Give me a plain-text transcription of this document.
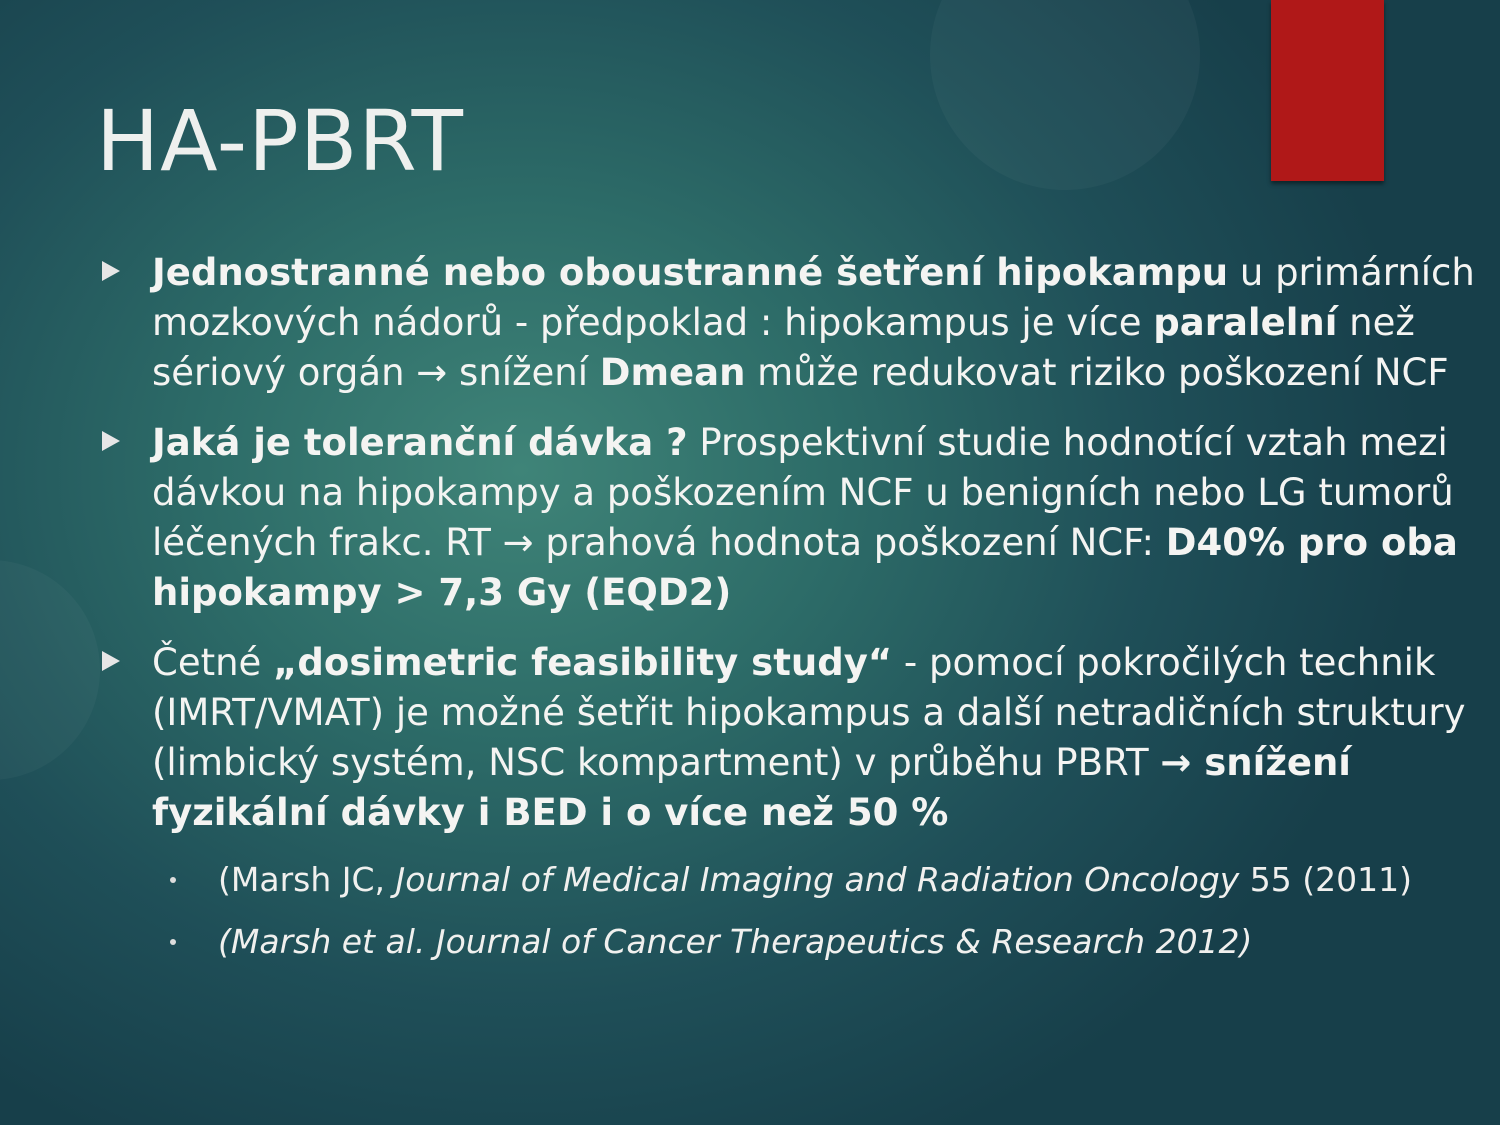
HA-PBRT
Jednostranné nebo oboustranné šetření hipokampu u primárních mozkových nádorů - předpoklad : hipokampus je více paralelní než sériový orgán → snížení Dmean může redukovat riziko poškození NCF
Jaká je toleranční dávka ? Prospektivní studie hodnotící vztah mezi dávkou na hipokampy a poškozením NCF u benigních nebo LG tumorů léčených frakc. RT → prahová hodnota poškození NCF: D40% pro oba hipokampy > 7,3 Gy (EQD2)
Četné „dosimetric feasibility study“ - pomocí pokročilých technik (IMRT/VMAT) je možné šetřit hipokampus a další netradičních struktury (limbický systém, NSC kompartment) v průběhu PBRT → snížení fyzikální dávky i BED i o více než 50 %
(Marsh JC, Journal of Medical Imaging and Radiation Oncology 55 (2011)
(Marsh et al. Journal of Cancer Therapeutics & Research 2012)
